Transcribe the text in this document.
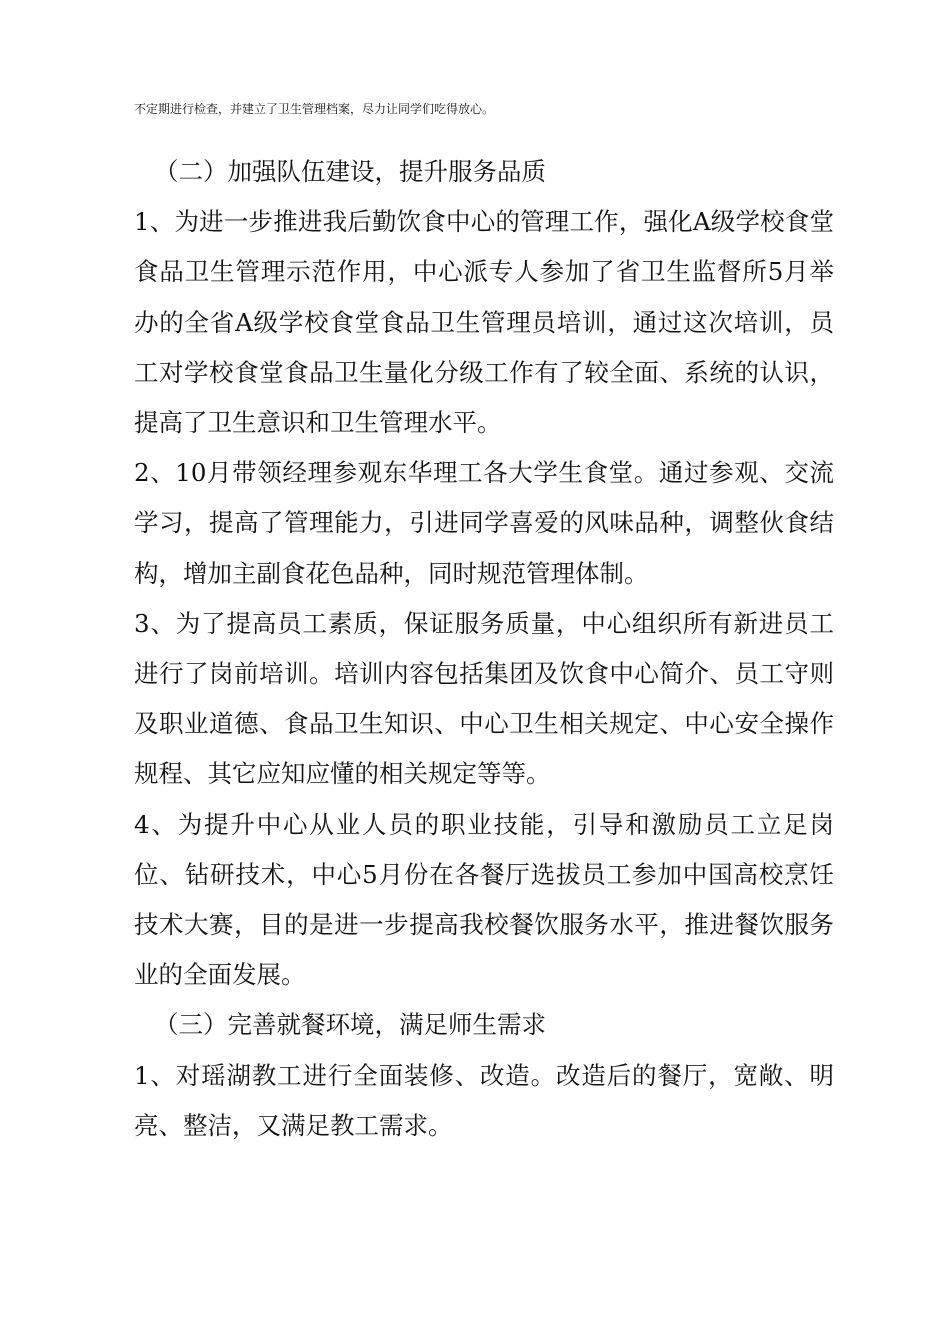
不定期进行检查，并建立了卫生管理档案，尽力让同学们吃得放心。

（二）加强队伍建设，提升服务品质

1、为进一步推进我后勤饮食中心的管理工作，强化A级学校食堂食品卫生管理示范作用，中心派专人参加了省卫生监督所5月举办的全省A级学校食堂食品卫生管理员培训，通过这次培训，员工对学校食堂食品卫生量化分级工作有了较全面、系统的认识，提高了卫生意识和卫生管理水平。

2、10月带领经理参观东华理工各大学生食堂。通过参观、交流学习，提高了管理能力，引进同学喜爱的风味品种，调整伙食结构，增加主副食花色品种，同时规范管理体制。

3、为了提高员工素质，保证服务质量，中心组织所有新进员工进行了岗前培训。培训内容包括集团及饮食中心简介、员工守则及职业道德、食品卫生知识、中心卫生相关规定、中心安全操作规程、其它应知应懂的相关规定等等。

4、为提升中心从业人员的职业技能，引导和激励员工立足岗位、钻研技术，中心5月份在各餐厅选拔员工参加中国高校烹饪技术大赛，目的是进一步提高我校餐饮服务水平，推进餐饮服务业的全面发展。

（三）完善就餐环境，满足师生需求

1、对瑶湖教工进行全面装修、改造。改造后的餐厅，宽敞、明亮、整洁，又满足教工需求。
